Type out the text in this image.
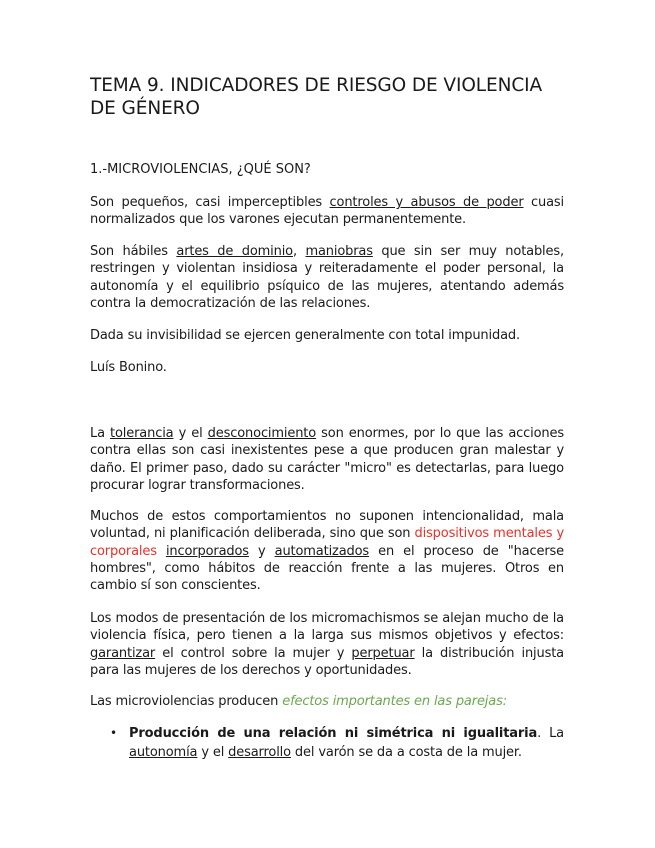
TEMA 9. INDICADORES DE RIESGO DE VIOLENCIA DE GÉNERO
1.-MICROVIOLENCIAS, ¿QUÉ SON?

Son pequeños, casi imperceptibles controles y abusos de poder cuasi normalizados que los varones ejecutan permanentemente.

Son hábiles artes de dominio, maniobras que sin ser muy notables, restringen y violentan insidiosa y reiteradamente el poder personal, la autonomía y el equilibrio psíquico de las mujeres, atentando además contra la democratización de las relaciones.

Dada su invisibilidad se ejercen generalmente con total impunidad.

Luís Bonino.

La tolerancia y el desconocimiento son enormes, por lo que las acciones contra ellas son casi inexistentes pese a que producen gran malestar y daño. El primer paso, dado su carácter "micro" es detectarlas, para luego procurar lograr transformaciones.

Muchos de estos comportamientos no suponen intencionalidad, mala voluntad, ni planificación deliberada, sino que son dispositivos mentales y corporales incorporados y automatizados en el proceso de "hacerse hombres", como hábitos de reacción frente a las mujeres. Otros en cambio sí son conscientes.

Los modos de presentación de los micromachismos se alejan mucho de la violencia física, pero tienen a la larga sus mismos objetivos y efectos: garantizar el control sobre la mujer y perpetuar la distribución injusta para las mujeres de los derechos y oportunidades.

Las microviolencias producen efectos importantes en las parejas:

• Producción de una relación ni simétrica ni igualitaria. La autonomía y el desarrollo del varón se da a costa de la mujer.
